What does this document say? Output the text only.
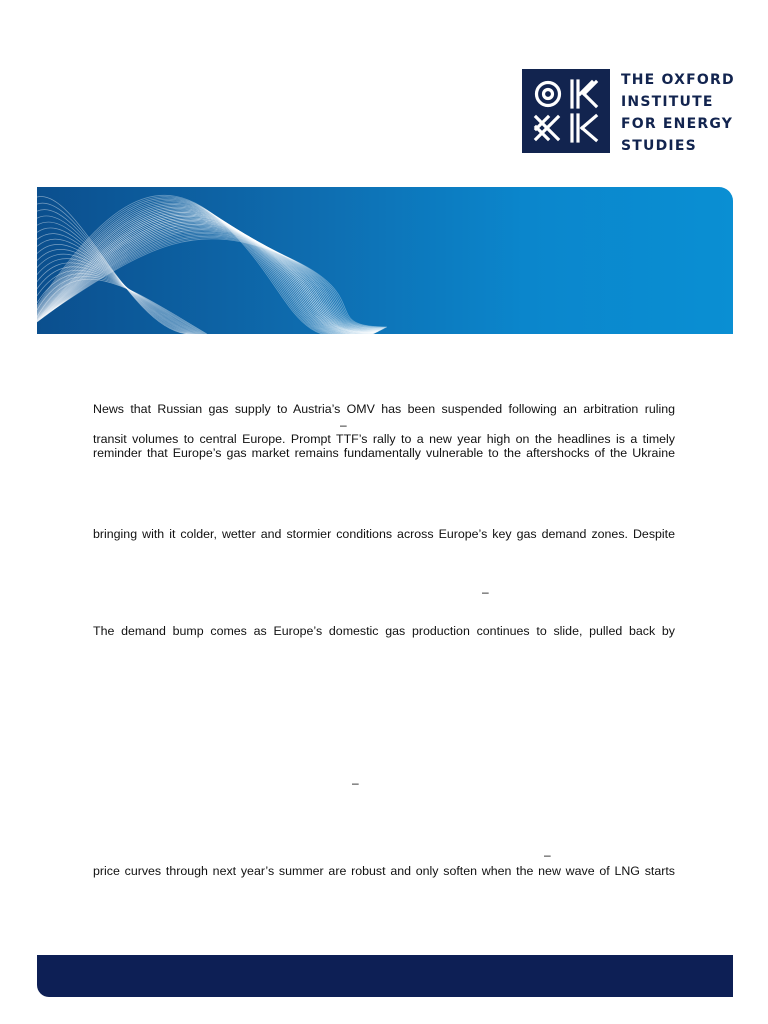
THE OXFORD
INSTITUTE
FOR ENERGY
STUDIES
News that Russian gas supply to Austria’s OMV has been suspended following an arbitration ruling
–
transit volumes to central Europe. Prompt TTF’s rally to a new year high on the headlines is a timely
reminder that Europe’s gas market remains fundamentally vulnerable to the aftershocks of the Ukraine
bringing with it colder, wetter and stormier conditions across Europe’s key gas demand zones. Despite
–
The demand bump comes as Europe’s domestic gas production continues to slide, pulled back by
–
–
price curves through next year’s summer are robust and only soften when the new wave of LNG starts
